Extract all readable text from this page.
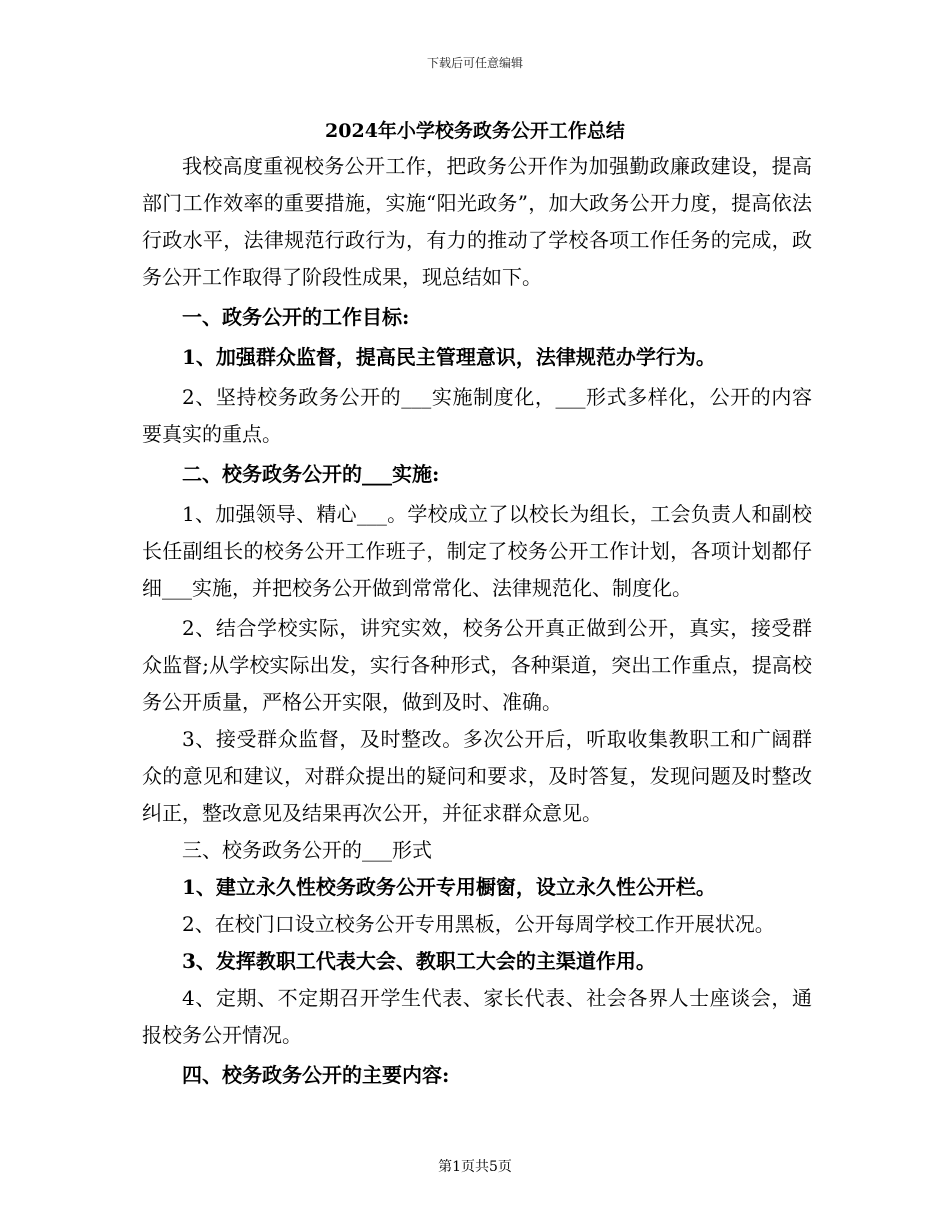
下载后可任意编辑
2024年小学校务政务公开工作总结

我校高度重视校务公开工作，把政务公开作为加强勤政廉政建设，提高部门工作效率的重要措施，实施“阳光政务”，加大政务公开力度，提高依法行政水平，法律规范行政行为，有力的推动了学校各项工作任务的完成，政务公开工作取得了阶段性成果，现总结如下。

一、政务公开的工作目标:

1、加强群众监督，提高民主管理意识，法律规范办学行为。

2、坚持校务政务公开的___实施制度化，___形式多样化，公开的内容要真实的重点。

二、校务政务公开的___实施:

1、加强领导、精心___。学校成立了以校长为组长，工会负责人和副校长任副组长的校务公开工作班子，制定了校务公开工作计划，各项计划都仔细___实施，并把校务公开做到常常化、法律规范化、制度化。

2、结合学校实际，讲究实效，校务公开真正做到公开，真实，接受群众监督;从学校实际出发，实行各种形式，各种渠道，突出工作重点，提高校务公开质量，严格公开实限，做到及时、准确。

3、接受群众监督，及时整改。多次公开后，听取收集教职工和广阔群众的意见和建议，对群众提出的疑问和要求，及时答复，发现问题及时整改纠正，整改意见及结果再次公开，并征求群众意见。

三、校务政务公开的___形式

1、建立永久性校务政务公开专用橱窗，设立永久性公开栏。

2、在校门口设立校务公开专用黑板，公开每周学校工作开展状况。

3、发挥教职工代表大会、教职工大会的主渠道作用。

4、定期、不定期召开学生代表、家长代表、社会各界人士座谈会，通报校务公开情况。

四、校务政务公开的主要内容:

第1页共5页
